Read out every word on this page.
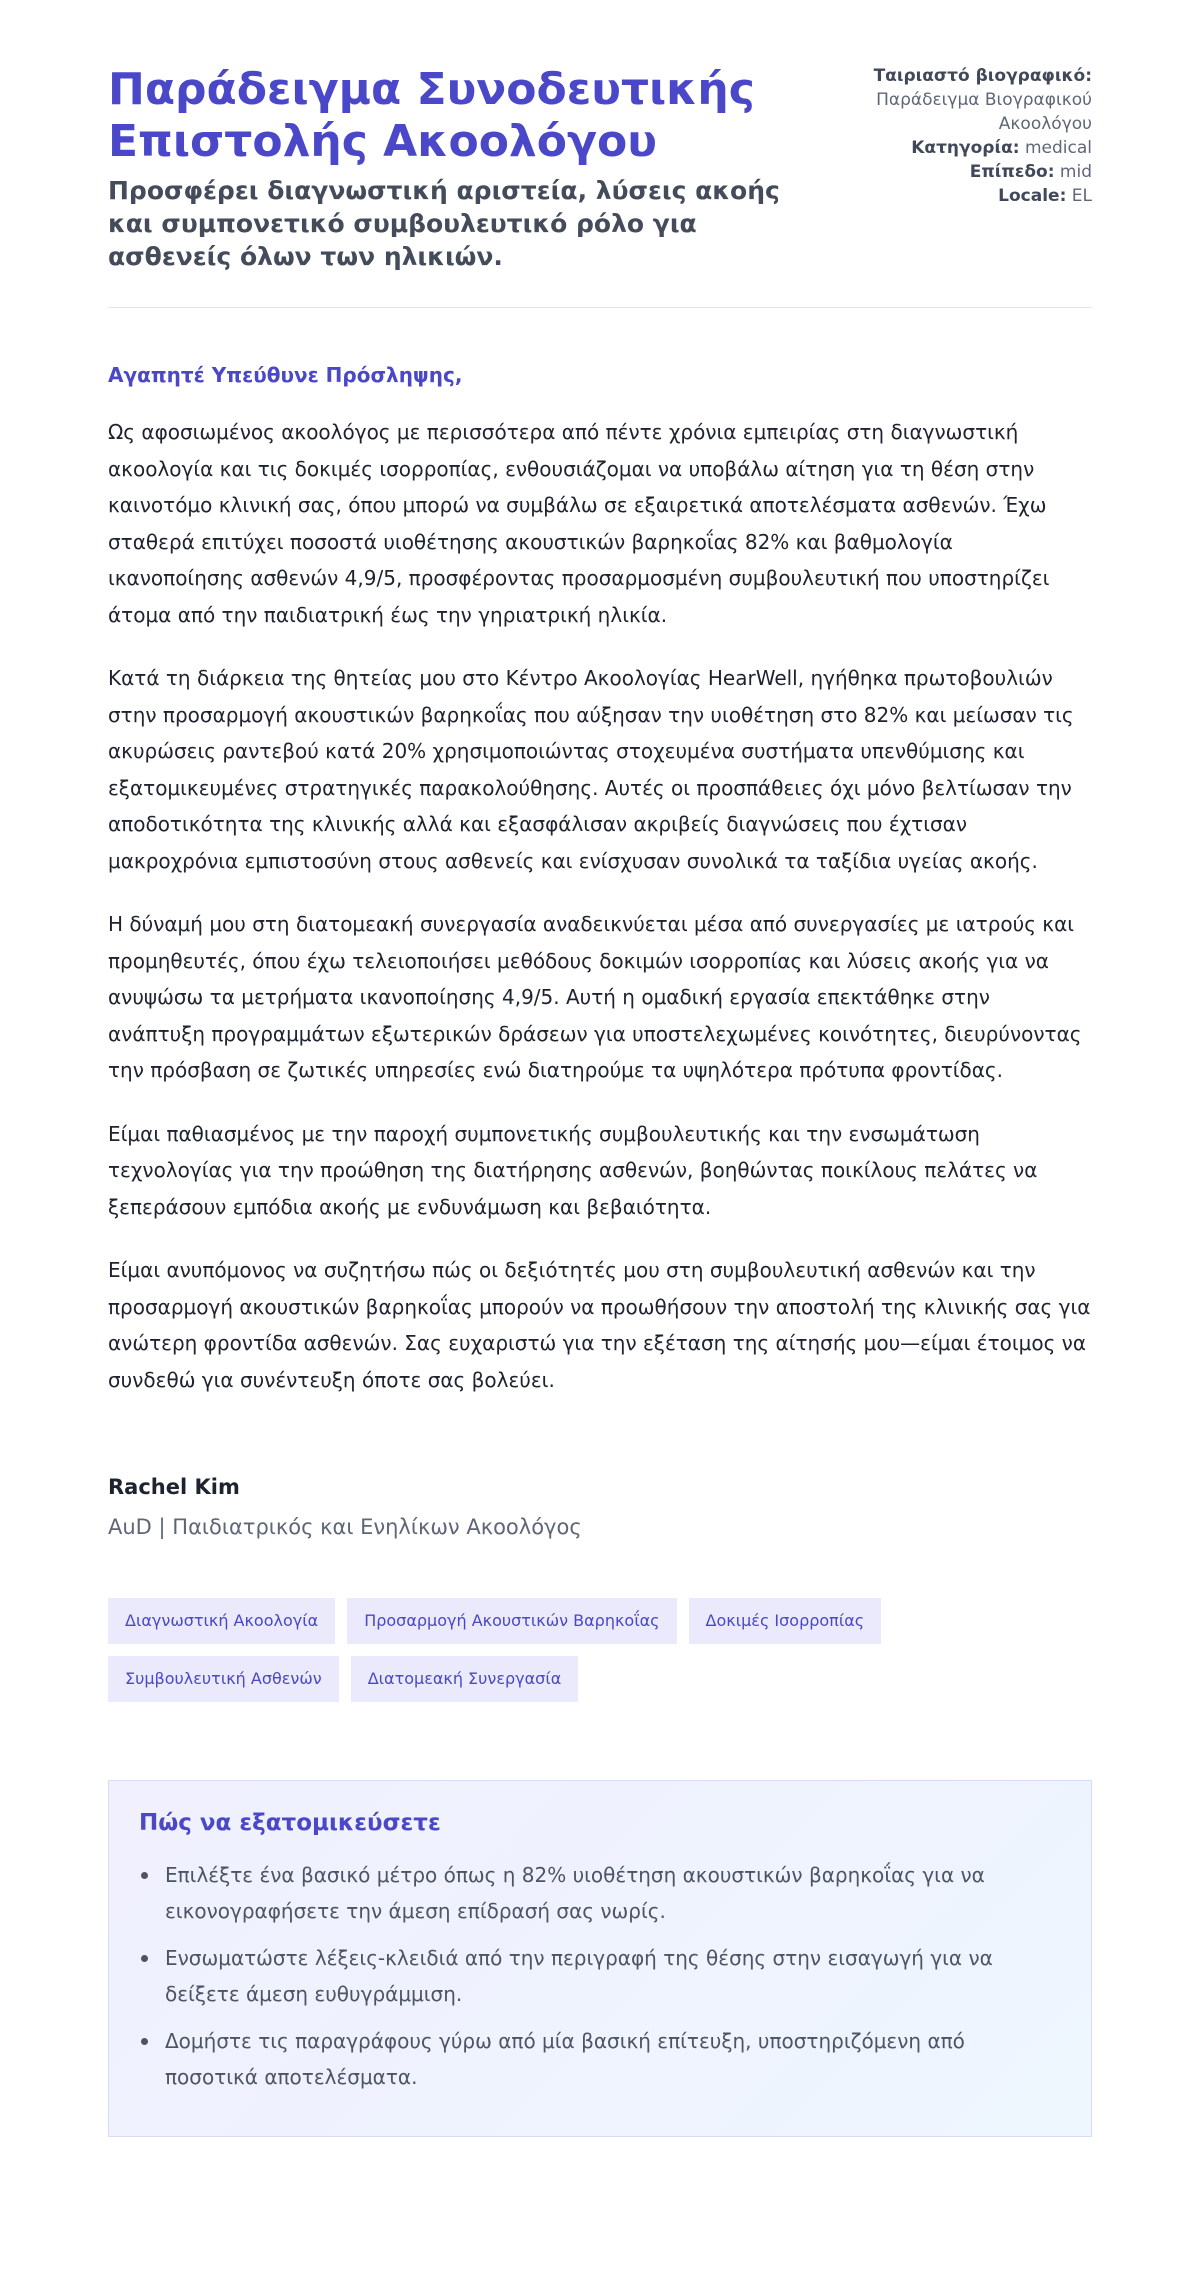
Παράδειγμα Συνοδευτικής Επιστολής Ακοολόγου
Προσφέρει διαγνωστική αριστεία, λύσεις ακοής και συμπονετικό συμβουλευτικό ρόλο για ασθενείς όλων των ηλικιών.
Ταιριαστό βιογραφικό:
Παράδειγμα Βιογραφικού Ακοολόγου
Κατηγορία: medical
Επίπεδο: mid
Locale: EL

Αγαπητέ Υπεύθυνε Πρόσληψης,

Ως αφοσιωμένος ακοολόγος με περισσότερα από πέντε χρόνια εμπειρίας στη διαγνωστική ακοολογία και τις δοκιμές ισορροπίας, ενθουσιάζομαι να υποβάλω αίτηση για τη θέση στην καινοτόμο κλινική σας, όπου μπορώ να συμβάλω σε εξαιρετικά αποτελέσματα ασθενών. Έχω σταθερά επιτύχει ποσοστά υιοθέτησης ακουστικών βαρηκοΐας 82% και βαθμολογία ικανοποίησης ασθενών 4,9/5, προσφέροντας προσαρμοσμένη συμβουλευτική που υποστηρίζει άτομα από την παιδιατρική έως την γηριατρική ηλικία.

Κατά τη διάρκεια της θητείας μου στο Κέντρο Ακοολογίας HearWell, ηγήθηκα πρωτοβουλιών στην προσαρμογή ακουστικών βαρηκοΐας που αύξησαν την υιοθέτηση στο 82% και μείωσαν τις ακυρώσεις ραντεβού κατά 20% χρησιμοποιώντας στοχευμένα συστήματα υπενθύμισης και εξατομικευμένες στρατηγικές παρακολούθησης. Αυτές οι προσπάθειες όχι μόνο βελτίωσαν την αποδοτικότητα της κλινικής αλλά και εξασφάλισαν ακριβείς διαγνώσεις που έχτισαν μακροχρόνια εμπιστοσύνη στους ασθενείς και ενίσχυσαν συνολικά τα ταξίδια υγείας ακοής.

Η δύναμή μου στη διατομεακή συνεργασία αναδεικνύεται μέσα από συνεργασίες με ιατρούς και προμηθευτές, όπου έχω τελειοποιήσει μεθόδους δοκιμών ισορροπίας και λύσεις ακοής για να ανυψώσω τα μετρήματα ικανοποίησης 4,9/5. Αυτή η ομαδική εργασία επεκτάθηκε στην ανάπτυξη προγραμμάτων εξωτερικών δράσεων για υποστελεχωμένες κοινότητες, διευρύνοντας την πρόσβαση σε ζωτικές υπηρεσίες ενώ διατηρούμε τα υψηλότερα πρότυπα φροντίδας.

Είμαι παθιασμένος με την παροχή συμπονετικής συμβουλευτικής και την ενσωμάτωση τεχνολογίας για την προώθηση της διατήρησης ασθενών, βοηθώντας ποικίλους πελάτες να ξεπεράσουν εμπόδια ακοής με ενδυνάμωση και βεβαιότητα.

Είμαι ανυπόμονος να συζητήσω πώς οι δεξιότητές μου στη συμβουλευτική ασθενών και την προσαρμογή ακουστικών βαρηκοΐας μπορούν να προωθήσουν την αποστολή της κλινικής σας για ανώτερη φροντίδα ασθενών. Σας ευχαριστώ για την εξέταση της αίτησής μου—είμαι έτοιμος να συνδεθώ για συνέντευξη όποτε σας βολεύει.

Rachel Kim
AuD | Παιδιατρικός και Ενηλίκων Ακοολόγος
Διαγνωστική Ακοολογία	Προσαρμογή Ακουστικών Βαρηκοΐας	Δοκιμές Ισορροπίας
Συμβουλευτική Ασθενών	Διατομεακή Συνεργασία
Πώς να εξατομικεύσετε
Επιλέξτε ένα βασικό μέτρο όπως η 82% υιοθέτηση ακουστικών βαρηκοΐας για να εικονογραφήσετε την άμεση επίδρασή σας νωρίς.
Ενσωματώστε λέξεις-κλειδιά από την περιγραφή της θέσης στην εισαγωγή για να δείξετε άμεση ευθυγράμμιση.
Δομήστε τις παραγράφους γύρω από μία βασική επίτευξη, υποστηριζόμενη από ποσοτικά αποτελέσματα.
